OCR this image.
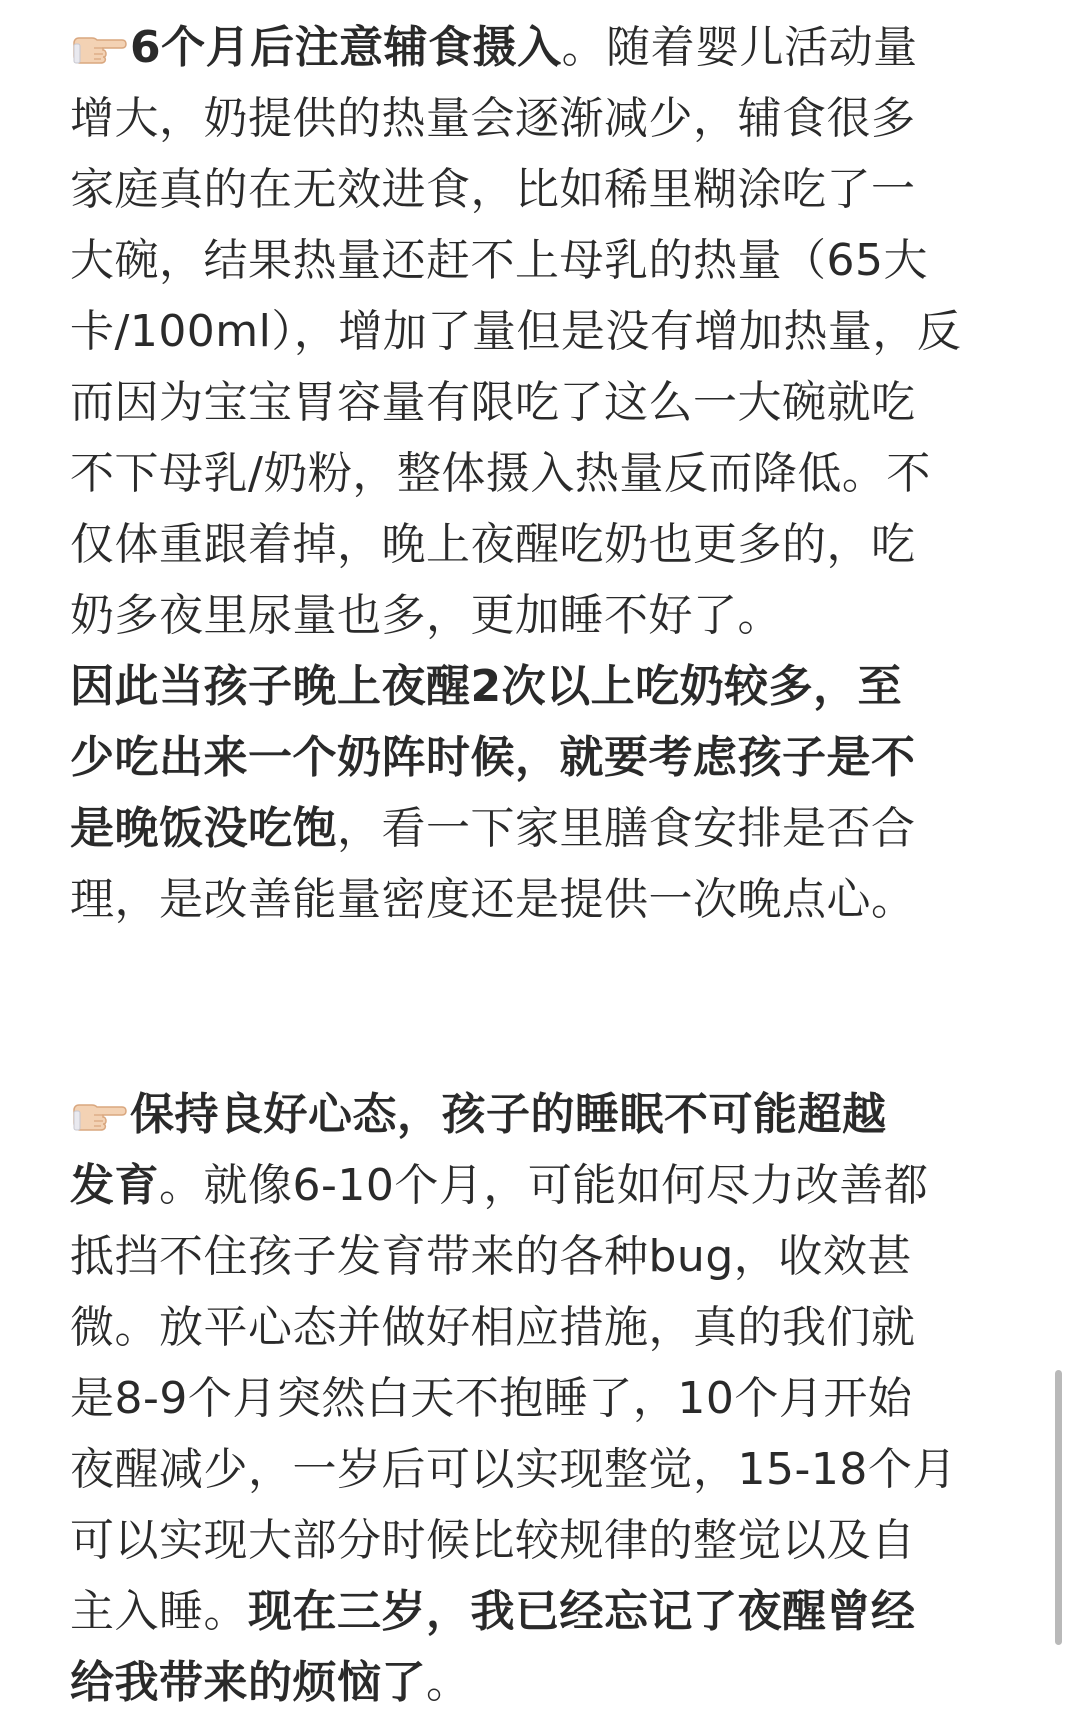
6个月后注意辅食摄入。随着婴儿活动量
增大，奶提供的热量会逐渐减少，辅食很多
家庭真的在无效进食，比如稀里糊涂吃了一
大碗，结果热量还赶不上母乳的热量（65大
卡/100ml），增加了量但是没有增加热量，反
而因为宝宝胃容量有限吃了这么一大碗就吃
不下母乳/奶粉，整体摄入热量反而降低。不
仅体重跟着掉，晚上夜醒吃奶也更多的，吃
奶多夜里尿量也多，更加睡不好了。
因此当孩子晚上夜醒2次以上吃奶较多，至
少吃出来一个奶阵时候，就要考虑孩子是不
是晚饭没吃饱，看一下家里膳食安排是否合
理，是改善能量密度还是提供一次晚点心。
保持良好心态，孩子的睡眠不可能超越
发育。就像6-10个月，可能如何尽力改善都
抵挡不住孩子发育带来的各种bug，收效甚
微。放平心态并做好相应措施，真的我们就
是8-9个月突然白天不抱睡了，10个月开始
夜醒减少，一岁后可以实现整觉，15-18个月
可以实现大部分时候比较规律的整觉以及自
主入睡。现在三岁，我已经忘记了夜醒曾经
给我带来的烦恼了。
